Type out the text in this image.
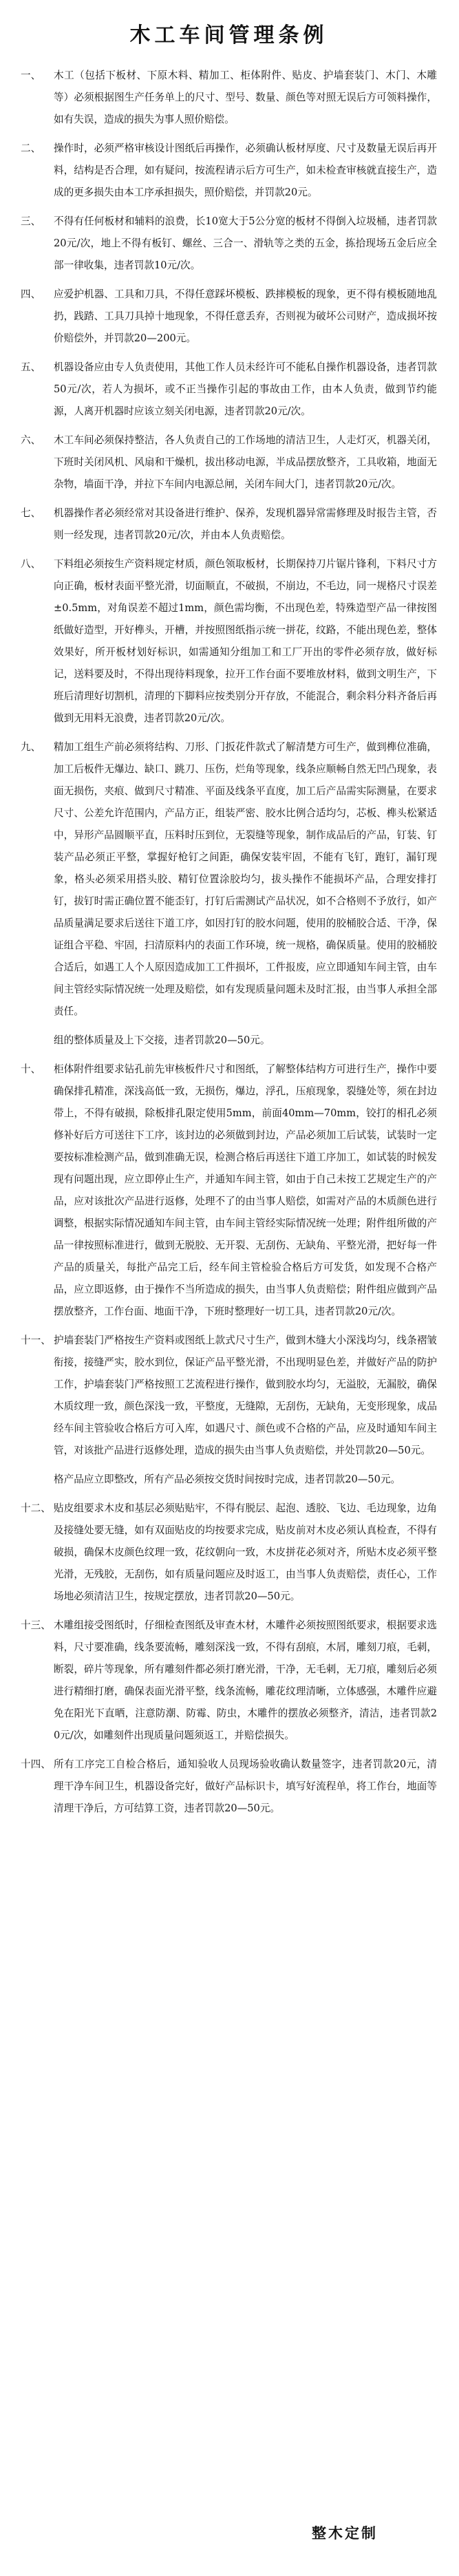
木工车间管理条例
一、	木工（包括下板材、下原木料、精加工、柜体附件、贴皮、护墙套装门、木门、木雕等）必须根据图生产任务单上的尺寸、型号、数量、颜色等对照无误后方可领料操作，如有失误，造成的损失为事人照价赔偿。
二、	操作时，必须严格审核设计图纸后再操作，必须确认板材厚度、尺寸及数量无误后再开料，结构是否合理，如有疑问，按流程请示后方可生产，如未检查审核就直接生产，造成的更多损失由本工序承担损失，照价赔偿，并罚款20元。
三、	不得有任何板材和辅料的浪费，长10宽大于5公分宽的板材不得倒入垃圾桶，违者罚款20元/次，地上不得有板钉、螺丝、三合一、滑轨等之类的五金，拣拾现场五金后应全部一律收集，违者罚款10元/次。
四、	应爱护机器、工具和刀具，不得任意踩坏模板、跌摔模板的现象，更不得有模板随地乱扔，践踏、工具刀具掉十地现象，不得任意丢弃，否则视为破坏公司财产，造成损坏按价赔偿外，并罚款20—200元。
五、	机器设备应由专人负责使用，其他工作人员未经许可不能私自操作机器设备，违者罚款50元/次，若人为损坏，或不正当操作引起的事故由工作，由本人负责，做到节约能源，人离开机器时应该立刻关闭电源，违者罚款20元/次。
六、	木工车间必须保持整洁，各人负责自己的工作场地的清洁卫生，人走灯灭，机器关闭，下班时关闭风机、风扇和干燥机，拔出移动电源，半成品摆放整齐，工具收箱，地面无杂物，墙面干净，并拉下车间内电源总闸，关闭车间大门，违者罚款20元/次。
七、	机器操作者必须经常对其设备进行维护、保养，发现机器异常需修理及时报告主管，否则一经发现，违者罚款20元/次，并由本人负责赔偿。
八、	下料组必须按生产资料规定材质，颜色领取板材，长期保持刀片锯片锋利，下料尺寸方向正确，板材表面平整光滑，切面顺直，不破损，不崩边，不毛边，同一规格尺寸误差±0.5mm，对角误差不超过1mm，颜色需均衡，不出现色差，特殊造型产品一律按图纸做好造型，开好榫头，开槽，并按照图纸指示统一拼花，纹路，不能出现色差，整体效果好，所开板材划好标识，如需通知分组加工和工厂开出的零件必须存放，做好标记，送料要及时，不得出现待料现象，拉开工作台面不要堆放材料，做到文明生产，下班后清理好切割机，清理的下脚料应按类别分开存放，不能混合，剩余料分料齐备后再做到无用料无浪费，违者罚款20元/次。
九、	精加工组生产前必须将结构、刀形、门扳花件款式了解清楚方可生产，做到榫位准确，加工后板件无爆边、缺口、跳刀、压伤，烂角等现象，线条应顺畅自然无凹凸现象，表面无损伤，夹痕、做到尺寸精准、平面及线条平直度，加工后产品需实际测量，在要求尺寸、公差允许范围内，产品方正，组装严密、胶水比例合适均匀，芯板、榫头松紧适中，异形产品圆顺平直，压料时压到位，无裂缝等现象，制作成品后的产品，钉装、钉装产品必须正平整，掌握好枪钉之间距，确保安装牢固，不能有飞钉，跑钉，漏钉现象，格头必须采用搭头胶、精钉位置涂胶均匀，拔头操作不能损坏产品，合理安排打钉，拔钉时需正确位置不能歪钉，打钉后需测试产品状况，如不合格则不予放行，如产品质量满足要求后送往下道工序，如因打钉的胶水问题，使用的胶桶胶合适、干净，保证组合平稳、牢固，扫清原料内的表面工作环境，统一规格，确保质量。使用的胶桶胶合适后，如遇工人个人原因造成加工工件损坏，工件报废，应立即通知车间主管，由车间主管经实际情况统一处理及赔偿，如有发现质量问题未及时汇报，由当事人承担全部责任。
组的整体质量及上下交接，违者罚款20—50元。
十、	柜体附件组要求钻孔前先审核板件尺寸和图纸，了解整体结构方可进行生产，操作中要确保排孔精准，深浅高低一致，无损伤，爆边，浮孔，压痕现象，裂缝处等，须在封边带上，不得有破损，除板排孔限定使用5mm，前面40mm—70mm，铰打的相孔必须修补好后方可送往下工序，该封边的必须做到封边，产品必须加工后试装，试装时一定要按标准检测产品，做到准确无误，检测合格后再送往下道工序加工，如试装的时候发现有问题出现，应立即停止生产，并通知车间主管，如由于自己未按工艺规定生产的产品，应对该批次产品进行返修，处理不了的由当事人赔偿，如需对产品的木质颜色进行调整，根据实际情况通知车间主管，由车间主管经实际情况统一处理；附件组所做的产品一律按照标准进行，做到无脱胶、无开裂、无刮伤、无缺角、平整光滑，把好每一件产品的质量关，每批产品完工后，经车间主管检验合格后方可发货，如发现不合格产品，应立即返修，由于操作不当所造成的损失，由当事人负责赔偿；附件组应做到产品摆放整齐，工作台面、地面干净，下班时整理好一切工具，违者罚款20元/次。
十一、 护墙套装门严格按生产资料或图纸上款式尺寸生产，做到木缝大小深浅均匀，线条褶皱衔接，接缝严实，胶水到位，保证产品平整光滑，不出现明显色差，并做好产品的防护工作，护墙套装门严格按照工艺流程进行操作，做到胶水均匀，无溢胶，无漏胶，确保木质纹理一致，颜色深浅一致，平整度，无缝隙，无刮伤，无缺角，无变形现象，成品经车间主管验收合格后方可入库，如遇尺寸、颜色或不合格的产品，应及时通知车间主管，对该批产品进行返修处理，造成的损失由当事人负责赔偿，并处罚款20—50元。
格产品应立即整改，所有产品必须按交货时间按时完成，违者罚款20—50元。
十二、 贴皮组要求木皮和基层必须贴贴牢，不得有脱层、起泡、透胶、飞边、毛边现象，边角及接缝处要无缝，如有双面贴皮的均按要求完成，贴皮前对木皮必须认真检查，不得有破损，确保木皮颜色纹理一致，花纹朝向一致，木皮拼花必须对齐，所贴木皮必须平整光滑，无残胶，无刮伤，如有质量问题应及时返工，由当事人负责赔偿，责任心，工作场地必须清洁卫生，按规定摆放，违者罚款20—50元。
十三、 木雕组接受图纸时，仔细检查图纸及审查木材，木雕件必须按照图纸要求，根据要求选料，尺寸要准确，线条要流畅，雕刻深浅一致，不得有刮痕，木屑，雕刻刀痕，毛刺，断裂，碎片等现象，所有雕刻件都必须打磨光滑，干净，无毛刺，无刀痕，雕刻后必须进行精细打磨，确保表面光滑平整，线条流畅，雕花纹理清晰，立体感强，木雕件应避免在阳光下直晒，注意防潮、防霉、防虫，木雕件的摆放必须整齐，清洁，违者罚款20元/次，如雕刻件出现质量问题须返工，并赔偿损失。
十四、 所有工序完工自检合格后，通知验收人员现场验收确认数量签字，违者罚款20元，清理干净车间卫生，机器设备完好，做好产品标识卡，填写好流程单，将工作台，地面等清理干净后，方可结算工资，违者罚款20—50元。
整木定制
